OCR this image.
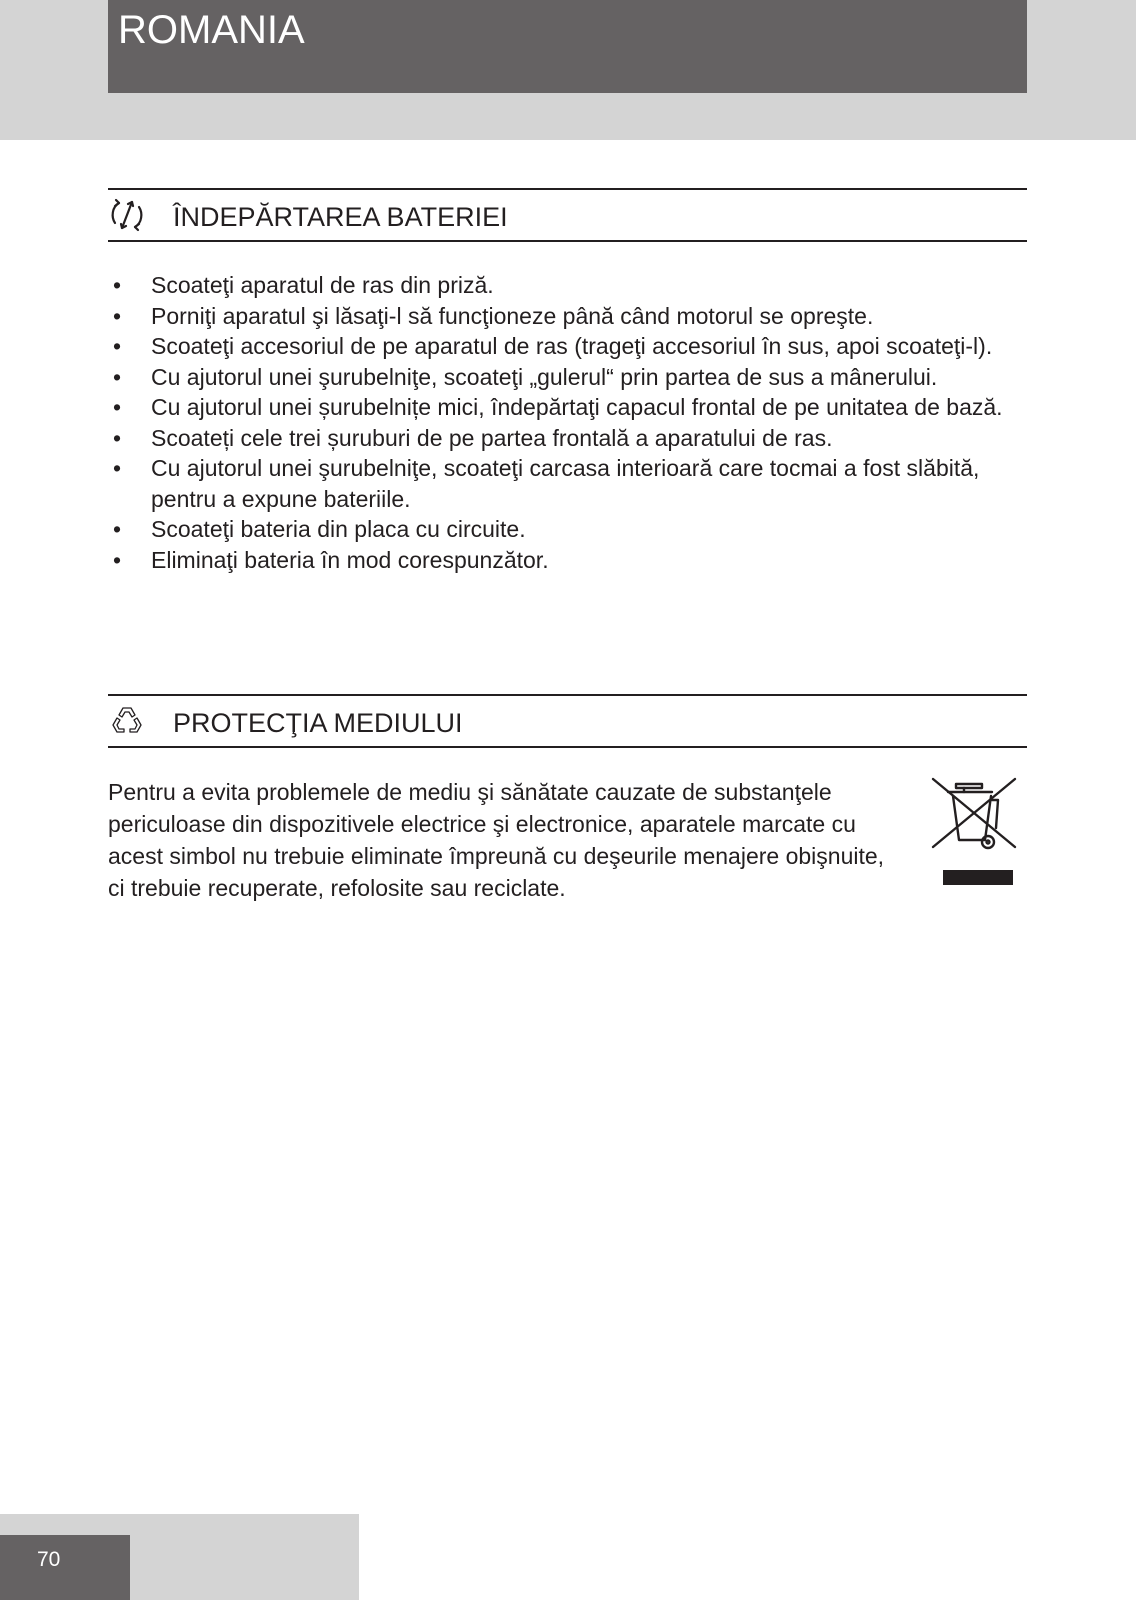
ROMANIA
ÎNDEPĂRTAREA BATERIEI
• Scoateţi aparatul de ras din priză.
• Porniţi aparatul şi lăsaţi-l să funcţioneze până când motorul se opreşte.
• Scoateţi accesoriul de pe aparatul de ras (trageţi accesoriul în sus, apoi scoateţi-l).
• Cu ajutorul unei şurubelniţe, scoateţi „gulerul“ prin partea de sus a mânerului.
• Cu ajutorul unei șurubelnițe mici, îndepărtaţi capacul frontal de pe unitatea de bază.
• Scoateți cele trei șuruburi de pe partea frontală a aparatului de ras.
• Cu ajutorul unei şurubelniţe, scoateţi carcasa interioară care tocmai a fost slăbită, pentru a expune bateriile.
• Scoateţi bateria din placa cu circuite.
• Eliminaţi bateria în mod corespunzător.
PROTECŢIA MEDIULUI

Pentru a evita problemele de mediu şi sănătate cauzate de substanţele periculoase din dispozitivele electrice şi electronice, aparatele marcate cu acest simbol nu trebuie eliminate împreună cu deşeurile menajere obişnuite, ci trebuie recuperate, refolosite sau reciclate.

70
